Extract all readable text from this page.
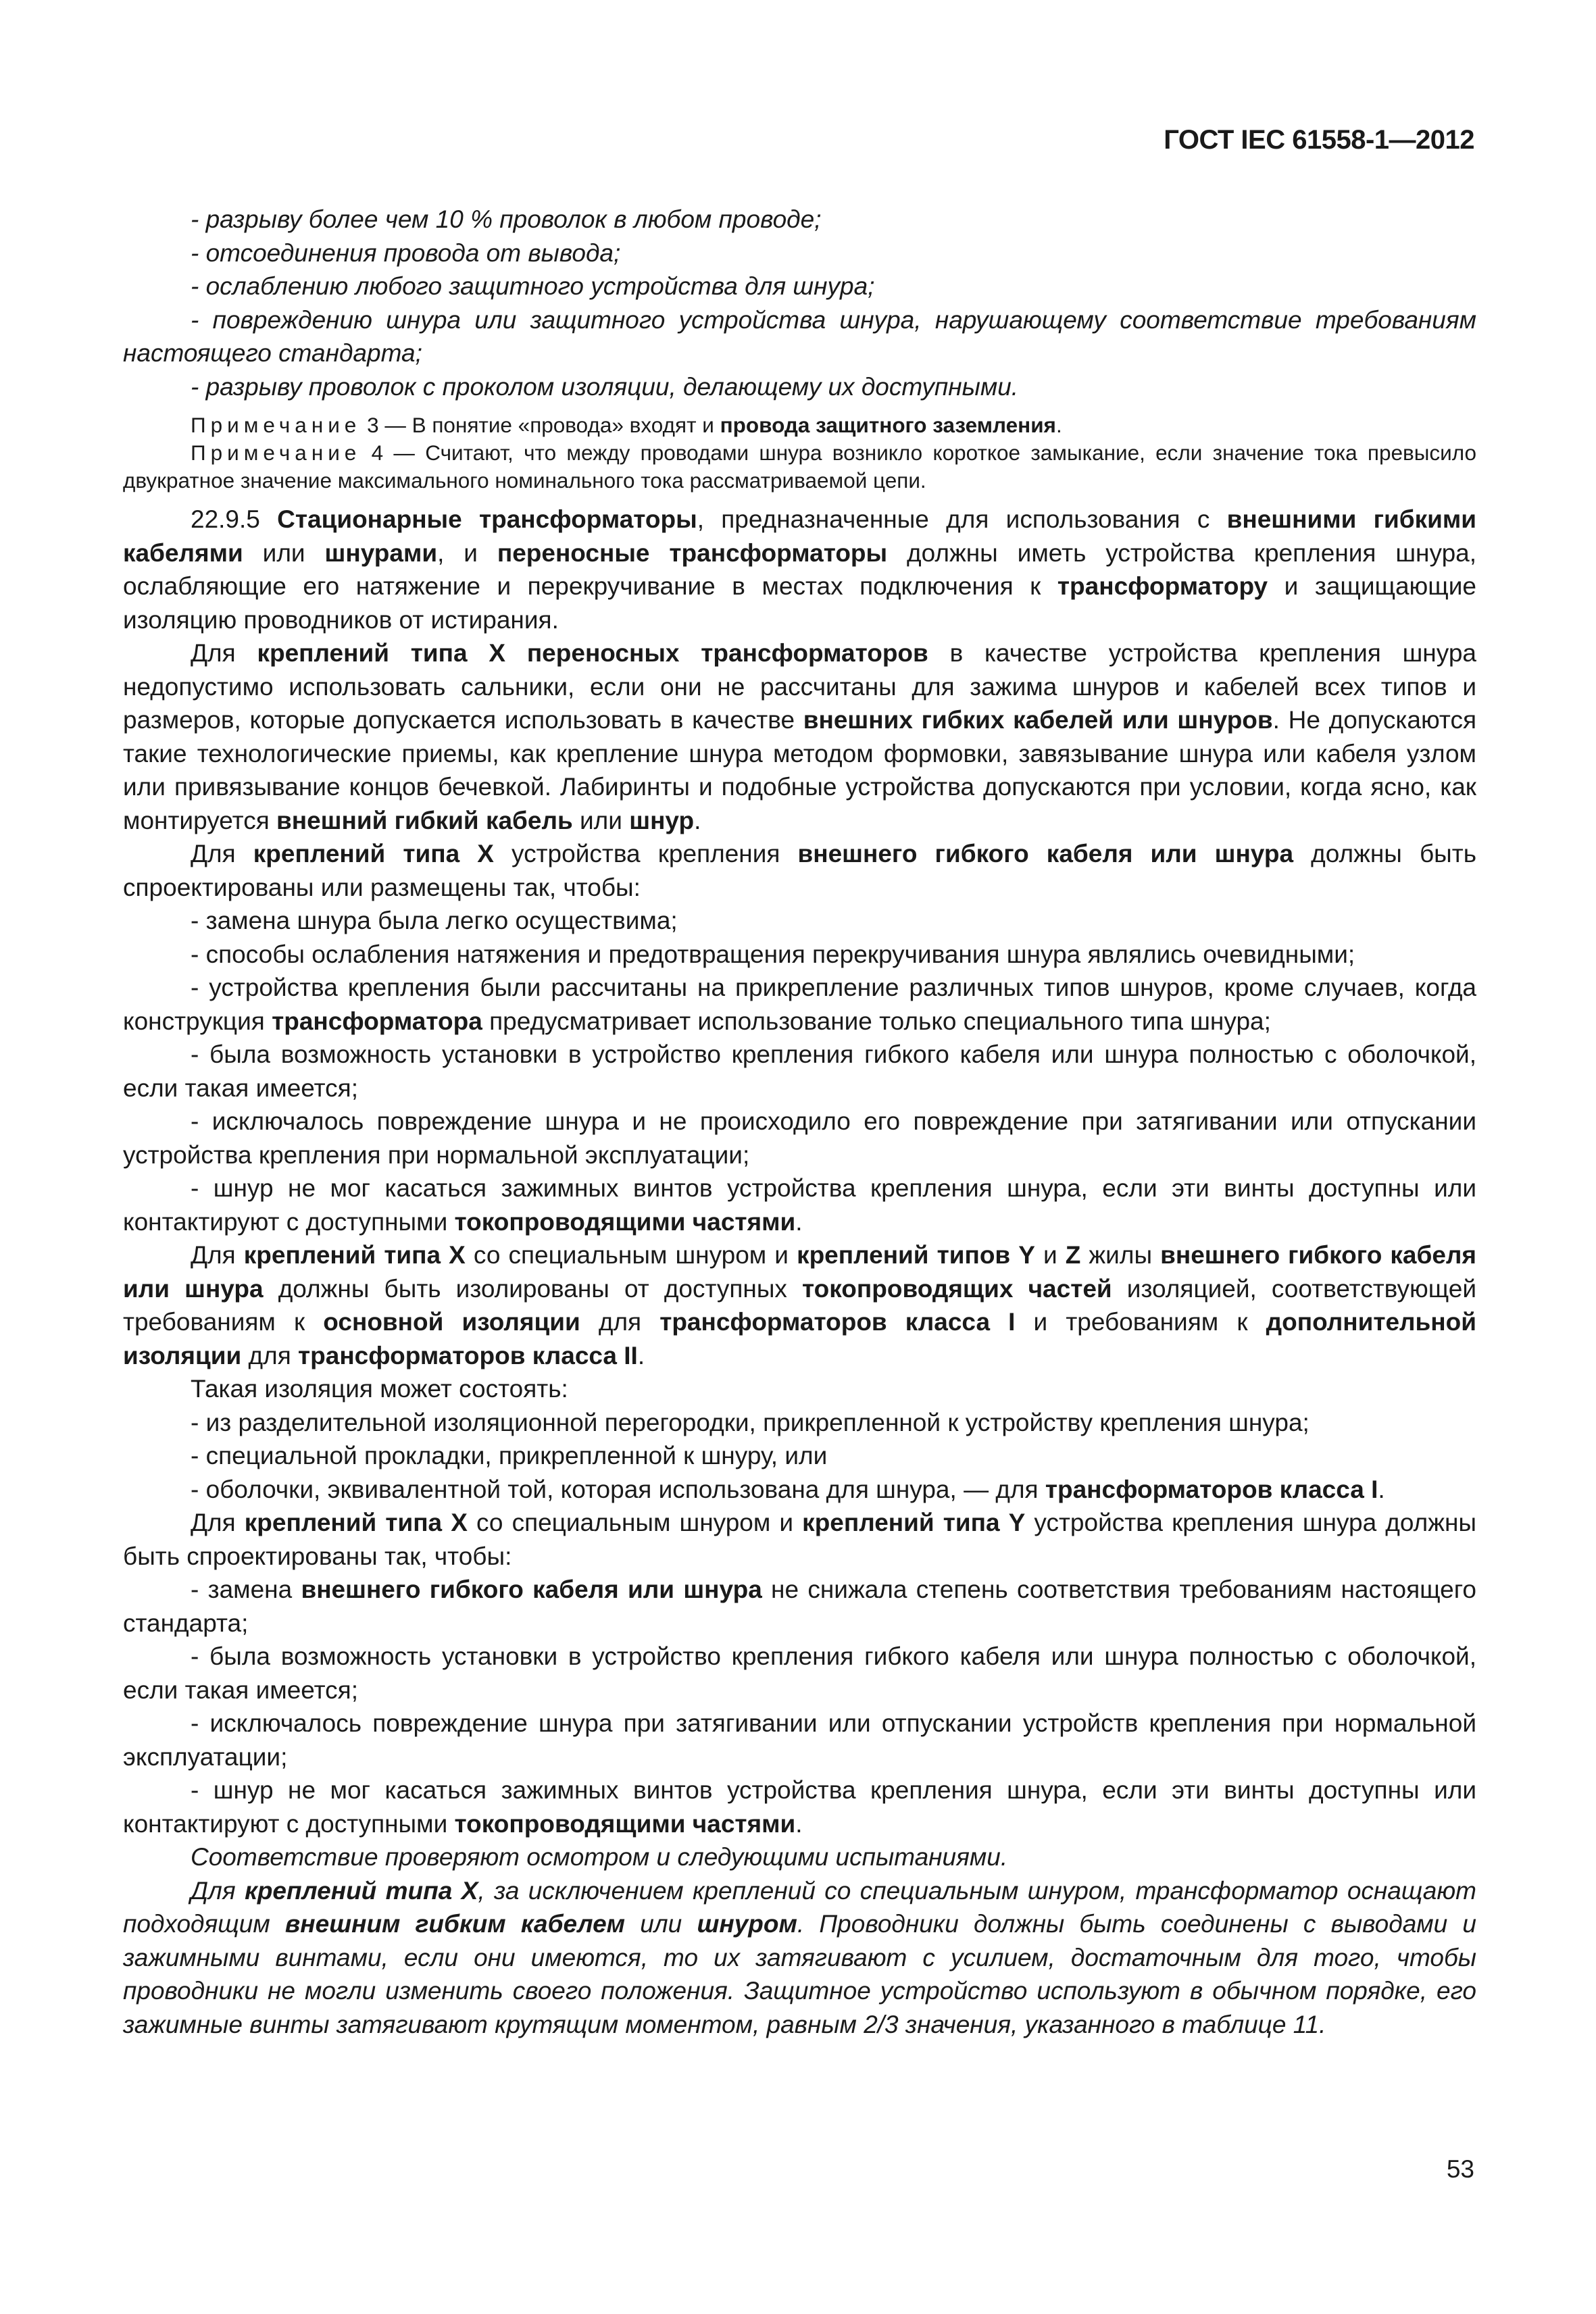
ГОСТ IEC 61558-1—2012

- разрыву более чем 10 % проволок в любом проводе;

- отсоединения провода от вывода;

- ослаблению любого защитного устройства для шнура;

- повреждению шнура или защитного устройства шнура, нарушающему соответствие требованиям настоящего стандарта;

- разрыву проволок с проколом изоляции, делающему их доступными.

Примечание 3 — В понятие «провода» входят и провода защитного заземления.

Примечание 4 — Считают, что между проводами шнура возникло короткое замыкание, если значение тока превысило двукратное значение максимального номинального тока рассматриваемой цепи.

22.9.5 Стационарные трансформаторы, предназначенные для использования с внешними гибкими кабелями или шнурами, и переносные трансформаторы должны иметь устройства крепления шнура, ослабляющие его натяжение и перекручивание в местах подключения к трансформатору и защищающие изоляцию проводников от истирания.

Для креплений типа X переносных трансформаторов в качестве устройства крепления шнура недопустимо использовать сальники, если они не рассчитаны для зажима шнуров и кабелей всех типов и размеров, которые допускается использовать в качестве внешних гибких кабелей или шнуров. Не допускаются такие технологические приемы, как крепление шнура методом формовки, завязывание шнура или кабеля узлом или привязывание концов бечевкой. Лабиринты и подобные устройства допускаются при условии, когда ясно, как монтируется внешний гибкий кабель или шнур.

Для креплений типа X устройства крепления внешнего гибкого кабеля или шнура должны быть спроектированы или размещены так, чтобы:

- замена шнура была легко осуществима;

- способы ослабления натяжения и предотвращения перекручивания шнура являлись очевидными;

- устройства крепления были рассчитаны на прикрепление различных типов шнуров, кроме случаев, когда конструкция трансформатора предусматривает использование только специального типа шнура;

- была возможность установки в устройство крепления гибкого кабеля или шнура полностью с оболочкой, если такая имеется;

- исключалось повреждение шнура и не происходило его повреждение при затягивании или отпускании устройства крепления при нормальной эксплуатации;

- шнур не мог касаться зажимных винтов устройства крепления шнура, если эти винты доступны или контактируют с доступными токопроводящими частями.

Для креплений типа X со специальным шнуром и креплений типов Y и Z жилы внешнего гибкого кабеля или шнура должны быть изолированы от доступных токопроводящих частей изоляцией, соответствующей требованиям к основной изоляции для трансформаторов класса I и требованиям к дополнительной изоляции для трансформаторов класса II.

Такая изоляция может состоять:

- из разделительной изоляционной перегородки, прикрепленной к устройству крепления шнура;

- специальной прокладки, прикрепленной к шнуру, или

- оболочки, эквивалентной той, которая использована для шнура, — для трансформаторов класса I.

Для креплений типа X со специальным шнуром и креплений типа Y устройства крепления шнура должны быть спроектированы так, чтобы:

- замена внешнего гибкого кабеля или шнура не снижала степень соответствия требованиям настоящего стандарта;

- была возможность установки в устройство крепления гибкого кабеля или шнура полностью с оболочкой, если такая имеется;

- исключалось повреждение шнура при затягивании или отпускании устройств крепления при нормальной эксплуатации;

- шнур не мог касаться зажимных винтов устройства крепления шнура, если эти винты доступны или контактируют с доступными токопроводящими частями.

Соответствие проверяют осмотром и следующими испытаниями.

Для креплений типа X, за исключением креплений со специальным шнуром, трансформатор оснащают подходящим внешним гибким кабелем или шнуром. Проводники должны быть соединены с выводами и зажимными винтами, если они имеются, то их затягивают с усилием, достаточным для того, чтобы проводники не могли изменить своего положения. Защитное устройство используют в обычном порядке, его зажимные винты затягивают крутящим моментом, равным 2/3 значения, указанного в таблице 11.

53
